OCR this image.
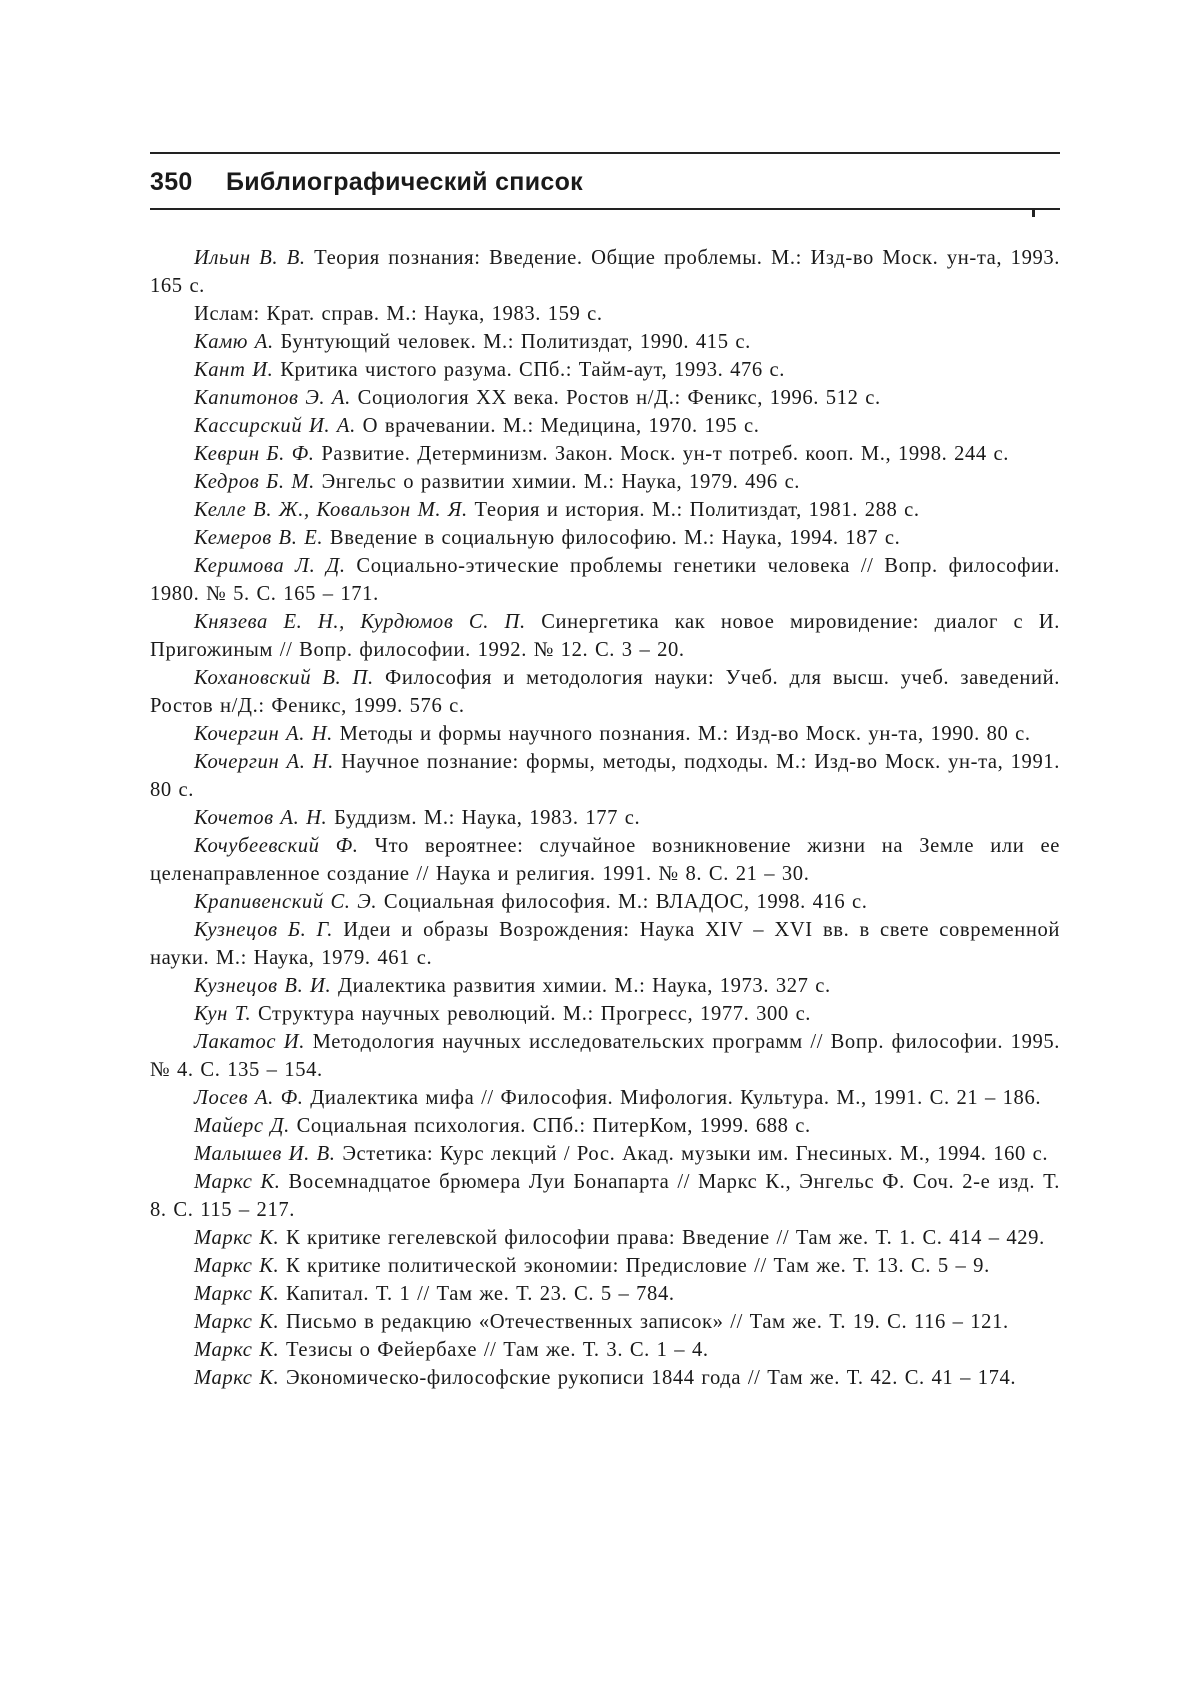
350	Библиографический список
Ильин В. В. Теория познания: Введение. Общие проблемы. М.: Изд-во Моск. ун-та, 1993. 165 с.
Ислам: Крат. справ. М.: Наука, 1983. 159 с.
Камю А. Бунтующий человек. М.: Политиздат, 1990. 415 с.
Кант И. Критика чистого разума. СПб.: Тайм-аут, 1993. 476 с.
Капитонов Э. А. Социология XX века. Ростов н/Д.: Феникс, 1996. 512 с.
Кассирский И. А. О врачевании. М.: Медицина, 1970. 195 с.
Кеврин Б. Ф. Развитие. Детерминизм. Закон. Моск. ун-т потреб. кооп. М., 1998. 244 с.
Кедров Б. М. Энгельс о развитии химии. М.: Наука, 1979. 496 с.
Келле В. Ж., Ковальзон М. Я. Теория и история. М.: Политиздат, 1981. 288 с.
Кемеров В. Е. Введение в социальную философию. М.: Наука, 1994. 187 с.
Керимова Л. Д. Социально-этические проблемы генетики человека // Вопр. философии. 1980. № 5. С. 165 – 171.
Князева Е. Н., Курдюмов С. П. Синергетика как новое мировидение: диалог с И. Пригожиным // Вопр. философии. 1992. № 12. С. 3 – 20.
Кохановский В. П. Философия и методология науки: Учеб. для высш. учеб. заведений. Ростов н/Д.: Феникс, 1999. 576 с.
Кочергин А. Н. Методы и формы научного познания. М.: Изд-во Моск. ун-та, 1990. 80 с.
Кочергин А. Н. Научное познание: формы, методы, подходы. М.: Изд-во Моск. ун-та, 1991. 80 с.
Кочетов А. Н. Буддизм. М.: Наука, 1983. 177 с.
Кочубеевский Ф. Что вероятнее: случайное возникновение жизни на Земле или ее целенаправленное создание // Наука и религия. 1991. № 8. С. 21 – 30.
Крапивенский С. Э. Социальная философия. М.: ВЛАДОС, 1998. 416 с.
Кузнецов Б. Г. Идеи и образы Возрождения: Наука XIV – XVI вв. в свете современной науки. М.: Наука, 1979. 461 с.
Кузнецов В. И. Диалектика развития химии. М.: Наука, 1973. 327 с.
Кун Т. Структура научных революций. М.: Прогресс, 1977. 300 с.
Лакатос И. Методология научных исследовательских программ // Вопр. философии. 1995. № 4. С. 135 – 154.
Лосев А. Ф. Диалектика мифа // Философия. Мифология. Культура. М., 1991. С. 21 – 186.
Майерс Д. Социальная психология. СПб.: ПитерКом, 1999. 688 с.
Малышев И. В. Эстетика: Курс лекций / Рос. Акад. музыки им. Гнесиных. М., 1994. 160 с.
Маркс К. Восемнадцатое брюмера Луи Бонапарта // Маркс К., Энгельс Ф. Соч. 2-е изд. Т. 8. С. 115 – 217.
Маркс К. К критике гегелевской философии права: Введение // Там же. Т. 1. С. 414 – 429.
Маркс К. К критике политической экономии: Предисловие // Там же. Т. 13. С. 5 – 9.
Маркс К. Капитал. Т. 1 // Там же. Т. 23. С. 5 – 784.
Маркс К. Письмо в редакцию «Отечественных записок» // Там же. Т. 19. С. 116 – 121.
Маркс К. Тезисы о Фейербахе // Там же. Т. 3. С. 1 – 4.
Маркс К. Экономическо-философские рукописи 1844 года // Там же. Т. 42. С. 41 – 174.
